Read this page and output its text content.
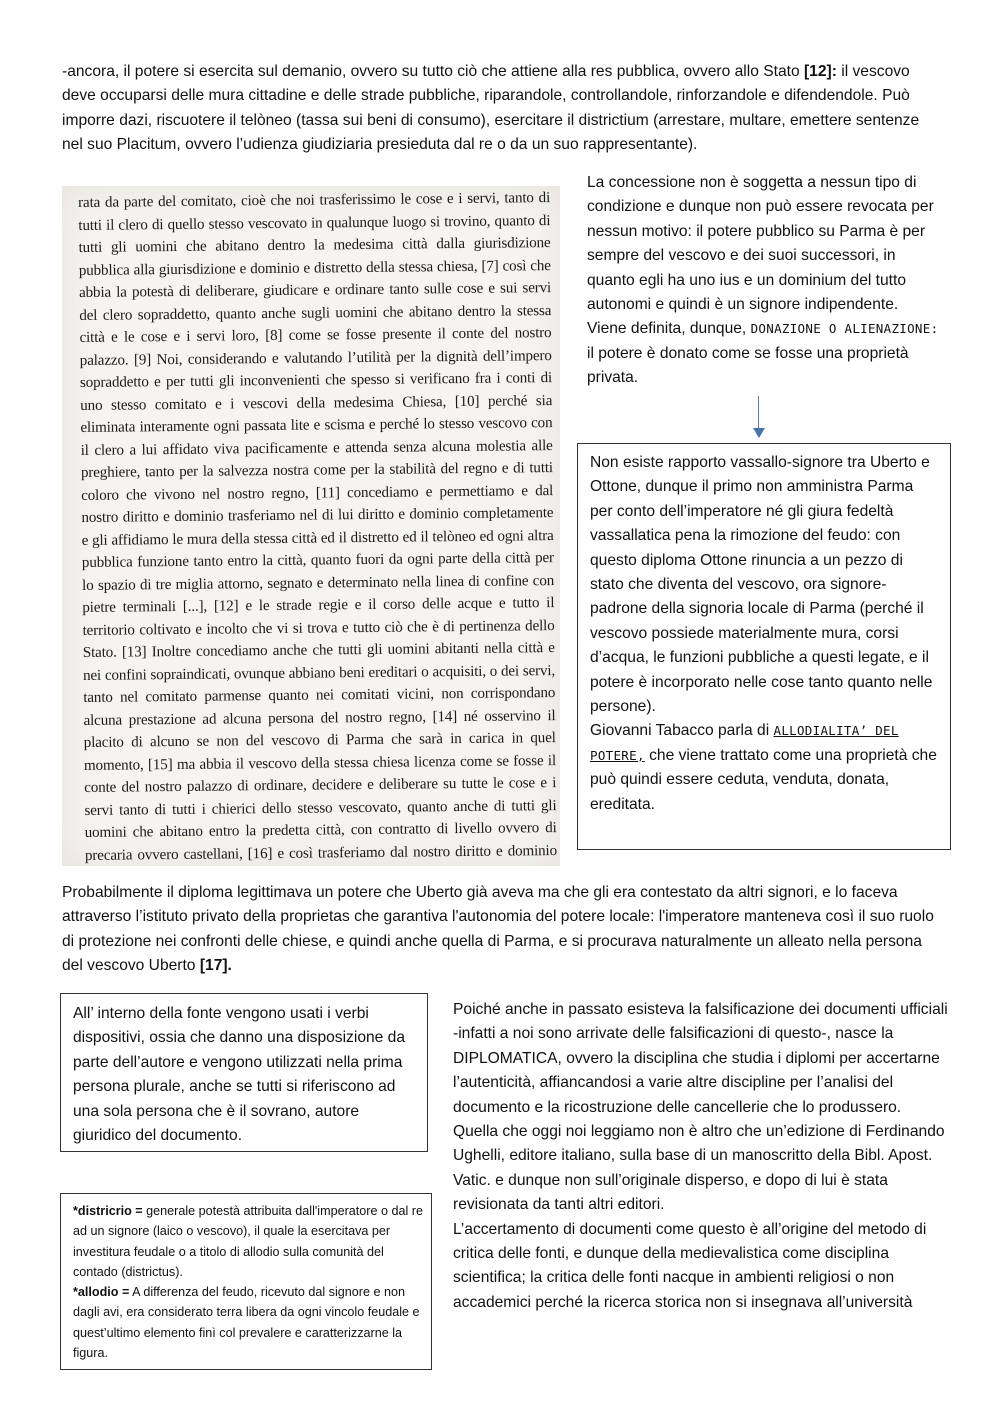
-ancora, il potere si esercita sul demanio, ovvero su tutto ciò che attiene alla res pubblica, ovvero allo Stato [12]: il vescovo deve occuparsi delle mura cittadine e delle strade pubbliche, riparandole, controllandole, rinforzandole e difendendole. Può imporre dazi, riscuotere il telòneo (tassa sui beni di consumo), esercitare il districtium (arrestare, multare, emettere sentenze nel suo Placitum, ovvero l’udienza giudiziaria presieduta dal re o da un suo rappresentante).

rata da parte del comitato, cioè che noi trasferissimo le cose e i servi, tanto di tutti il clero di quello stesso vescovato in qualunque luogo si trovino, quanto di tutti gli uomini che abitano dentro la medesima città dalla giurisdizione pubblica alla giurisdizione e dominio e distretto della stessa chiesa, [7] così che abbia la potestà di deliberare, giudicare e ordinare tanto sulle cose e sui servi del clero sopraddetto, quanto anche sugli uomini che abitano dentro la stessa città e le cose e i servi loro, [8] come se fosse presente il conte del nostro palazzo. [9] Noi, considerando e valutando l’utilità per la dignità dell’impero sopraddetto e per tutti gli inconvenienti che spesso si verificano fra i conti di uno stesso comitato e i vescovi della medesima Chiesa, [10] perché sia eliminata interamente ogni passata lite e scisma e perché lo stesso vescovo con il clero a lui affidato viva pacificamente e attenda senza alcuna molestia alle preghiere, tanto per la salvezza nostra come per la stabilità del regno e di tutti coloro che vivono nel nostro regno, [11] concediamo e permettiamo e dal nostro diritto e dominio trasferiamo nel di lui diritto e dominio completamente e gli affidiamo le mura della stessa città ed il distretto ed il telòneo ed ogni altra pubblica funzione tanto entro la città, quanto fuori da ogni parte della città per lo spazio di tre miglia attorno, segnato e determinato nella linea di confine con pietre terminali [...], [12] e le strade regie e il corso delle acque e tutto il territorio coltivato e incolto che vi si trova e tutto ciò che è di pertinenza dello Stato. [13] Inoltre concediamo anche che tutti gli uomini abitanti nella città e nei confini sopraindicati, ovunque abbiano beni ereditari o acquisiti, o dei servi, tanto nel comitato parmense quanto nei comitati vicini, non corrispondano alcuna prestazione ad alcuna persona del nostro regno, [14] né osservino il placito di alcuno se non del vescovo di Parma che sarà in carica in quel momento, [15] ma abbia il vescovo della stessa chiesa licenza come se fosse il conte del nostro palazzo di ordinare, decidere e deliberare su tutte le cose e i servi tanto di tutti i chierici dello stesso vescovato, quanto anche di tutti gli uomini che abitano entro la predetta città, con contratto di livello ovvero di precaria ovvero castellani, [16] e così trasferiamo dal nostro diritto e dominio

La concessione non è soggetta a nessun tipo di condizione e dunque non può essere revocata per nessun motivo: il potere pubblico su Parma è per sempre del vescovo e dei suoi successori, in quanto egli ha uno ius e un dominium del tutto autonomi e quindi è un signore indipendente.

Viene definita, dunque, DONAZIONE O ALIENAZIONE: il potere è donato come se fosse una proprietà privata.

Non esiste rapporto vassallo-signore tra Uberto e Ottone, dunque il primo non amministra Parma per conto dell’imperatore né gli giura fedeltà vassallatica pena la rimozione del feudo: con questo diploma Ottone rinuncia a un pezzo di stato che diventa del vescovo, ora signore-padrone della signoria locale di Parma (perché il vescovo possiede materialmente mura, corsi d’acqua, le funzioni pubbliche a questi legate, e il potere è incorporato nelle cose tanto quanto nelle persone).

Giovanni Tabacco parla di ALLODIALITA’ DEL POTERE, che viene trattato come una proprietà che può quindi essere ceduta, venduta, donata, ereditata.

Probabilmente il diploma legittimava un potere che Uberto già aveva ma che gli era contestato da altri signori, e lo faceva attraverso l’istituto privato della proprietas che garantiva l'autonomia del potere locale: l'imperatore manteneva così il suo ruolo di protezione nei confronti delle chiese, e quindi anche quella di Parma, e si procurava naturalmente un alleato nella persona del vescovo Uberto [17].

All’ interno della fonte vengono usati i verbi dispositivi, ossia che danno una disposizione da parte dell’autore e vengono utilizzati nella prima persona plurale, anche se tutti si riferiscono ad una sola persona che è il sovrano, autore giuridico del documento.

*districrio = generale potestà attribuita dall'imperatore o dal re ad un signore (laico o vescovo), il quale la esercitava per investitura feudale o a titolo di allodio sulla comunità del contado (districtus).

*allodio = A differenza del feudo, ricevuto dal signore e non dagli avi, era considerato terra libera da ogni vincolo feudale e quest’ultimo elemento finì col prevalere e caratterizzarne la figura.

Poiché anche in passato esisteva la falsificazione dei documenti ufficiali -infatti a noi sono arrivate delle falsificazioni di questo-, nasce la DIPLOMATICA, ovvero la disciplina che studia i diplomi per accertarne l’autenticità, affiancandosi a varie altre discipline per l’analisi del documento e la ricostruzione delle cancellerie che lo produssero.

Quella che oggi noi leggiamo non è altro che un’edizione di Ferdinando Ughelli, editore italiano, sulla base di un manoscritto della Bibl. Apost. Vatic. e dunque non sull’originale disperso, e dopo di lui è stata revisionata da tanti altri editori.

L’accertamento di documenti come questo è all’origine del metodo di critica delle fonti, e dunque della medievalistica come disciplina scientifica; la critica delle fonti nacque in ambienti religiosi o non accademici perché la ricerca storica non si insegnava all’università
